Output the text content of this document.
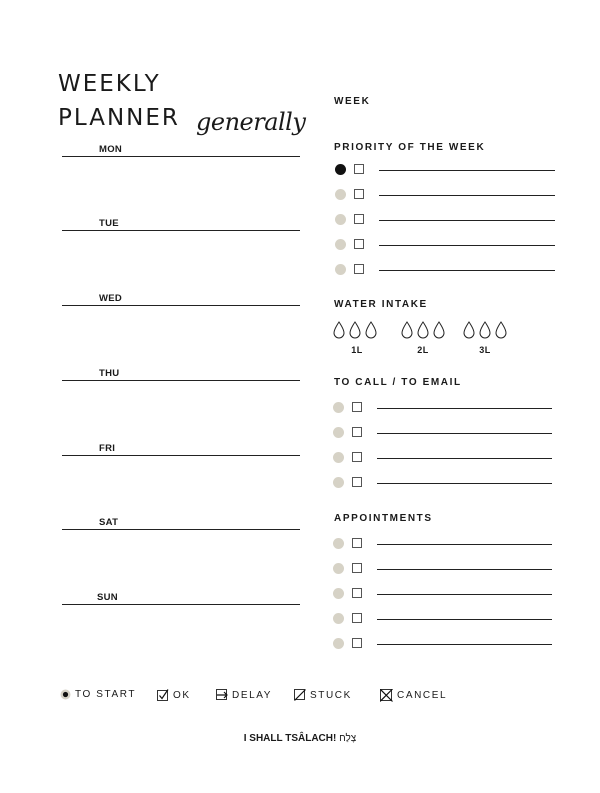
WEEKLY
PLANNER generally
WEEK
MON
TUE
WED
THU
FRI
SAT
SUN
PRIORITY OF THE WEEK
WATER INTAKE
1L	2L	3L
TO CALL / TO EMAIL
APPOINTMENTS
TO START	OK	DELAY	STUCK	CANCEL
I SHALL TSÂLACH! צָלַח
